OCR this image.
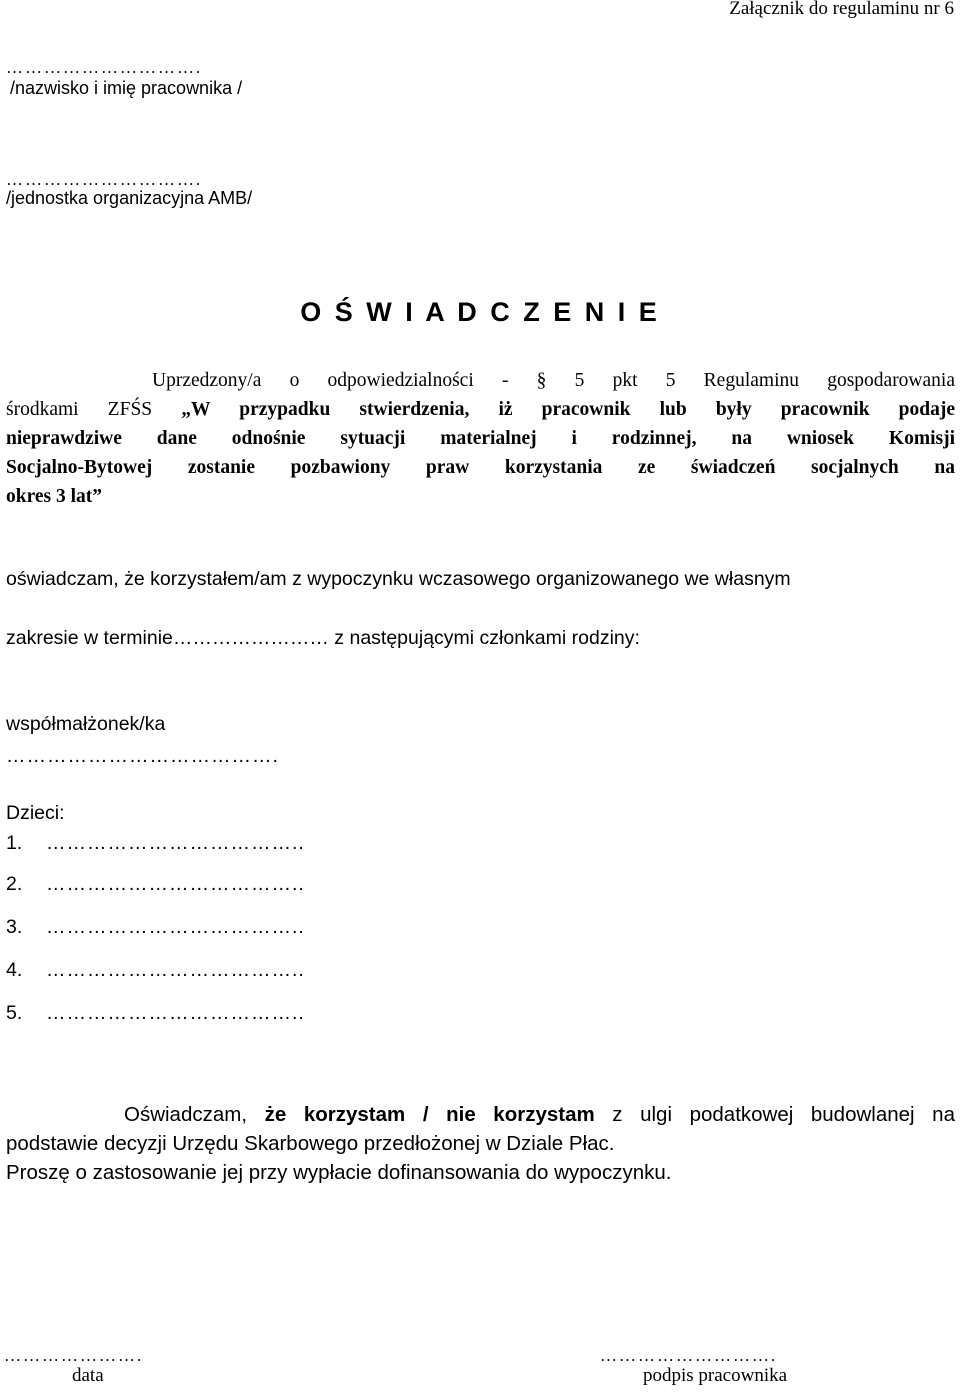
Załącznik do regulaminu nr 6
………………………….
/nazwisko i imię pracownika /
………………………….
/jednostka organizacyjna AMB/
O Ś W I A D C Z E N I E
Uprzedzony/a o odpowiedzialności - § 5 pkt 5 Regulaminu gospodarowania
środkami ZFŚS „W przypadku stwierdzenia, iż pracownik lub były pracownik podaje
nieprawdziwe dane odnośnie sytuacji materialnej i rodzinnej, na wniosek Komisji
Socjalno-Bytowej zostanie pozbawiony praw korzystania ze świadczeń socjalnych na
okres 3 lat”
oświadczam, że korzystałem/am z wypoczynku wczasowego organizowanego we własnym
zakresie w terminie…………………… z następującymi członkami rodziny:
współmałżonek/ka
………………………………….
Dzieci:
1. ………………………………..
2. ………………………………..
3. ………………………………..
4. ………………………………..
5. ………………………………..
Oświadczam, że korzystam / nie korzystam z ulgi podatkowej budowlanej na
podstawie decyzji Urzędu Skarbowego przedłożonej w Dziale Płac.
Proszę o zastosowanie jej przy wypłacie dofinansowania do wypoczynku.
………………….
data
……………………….
podpis pracownika
